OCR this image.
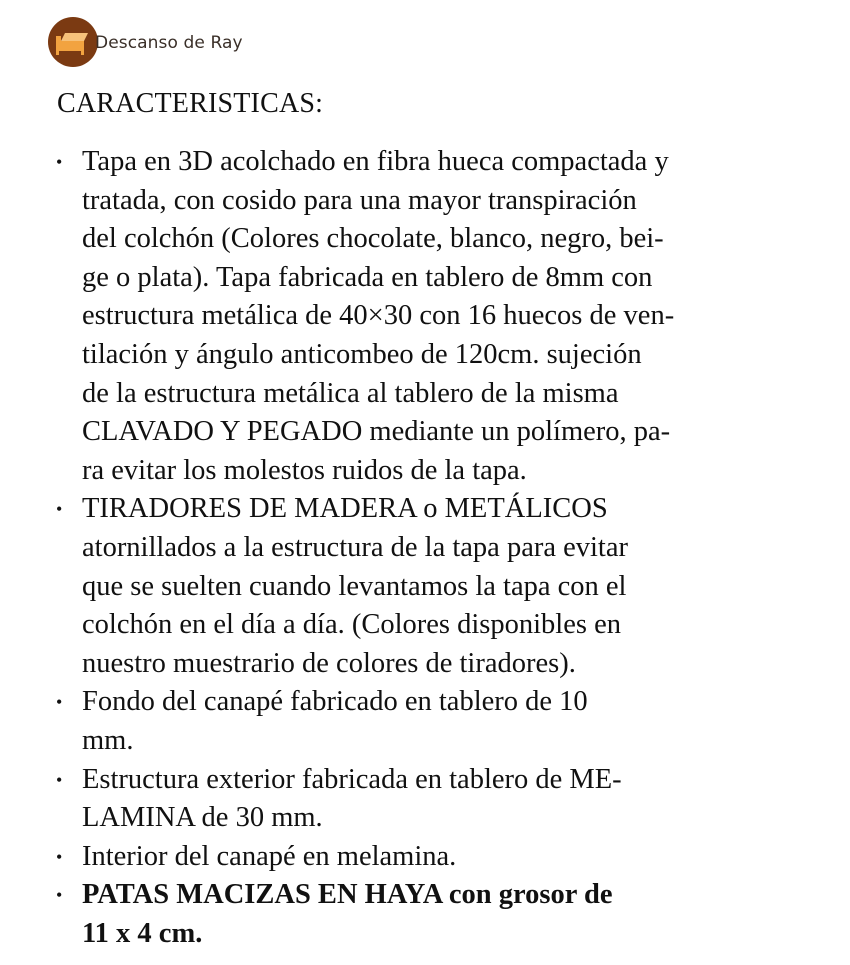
Descanso de Ray
CARACTERISTICAS:
• Tapa en 3D acolchado en fibra hueca compactada y
tratada, con cosido para una mayor transpiración
del colchón (Colores chocolate, blanco, negro, bei-
ge o plata). Tapa fabricada en tablero de 8mm con
estructura metálica de 40×30 con 16 huecos de ven-
tilación y ángulo anticombeo de 120cm. sujeción
de la estructura metálica al tablero de la misma
CLAVADO Y PEGADO mediante un polímero, pa-
ra evitar los molestos ruidos de la tapa.
• TIRADORES DE MADERA o METÁLICOS
atornillados a la estructura de la tapa para evitar
que se suelten cuando levantamos la tapa con el
colchón en el día a día. (Colores disponibles en
nuestro muestrario de colores de tiradores).
• Fondo del canapé fabricado en tablero de 10
mm.
• Estructura exterior fabricada en tablero de ME-
LAMINA de 30 mm.
• Interior del canapé en melamina.
• PATAS MACIZAS EN HAYA con grosor de
11 x 4 cm.
